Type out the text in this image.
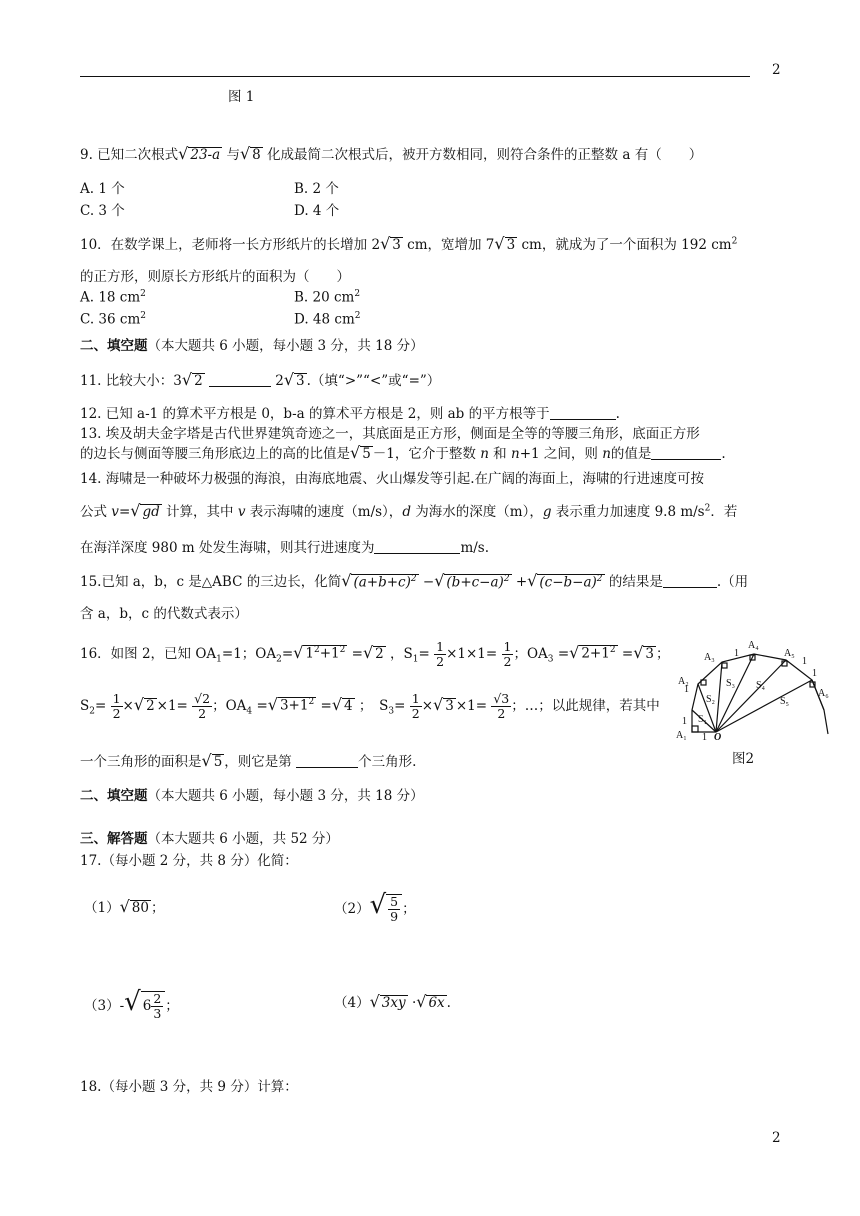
2
图 1
9. 已知二次根式√ 23-a 与√ 8 化成最简二次根式后，被开方数相同，则符合条件的正整数 a 有（　　）
A. 1 个	B. 2 个
C. 3 个	D. 4 个
10．在数学课上，老师将一长方形纸片的长增加 2√ 3 cm，宽增加 7√ 3 cm，就成为了一个面积为 192 $cm^2$
的正方形，则原长方形纸片的面积为（　　）
A. 18 $cm^2$	B. 20 $cm^2$
C. 36 $cm^2$	D. 48 $cm^2$
二、填空题（本大题共 6 小题，每小题 3 分，共 18 分）
11. 比较大小：3√ 2	2√ 3 .（填“>”“<”或“=”）
12. 已知 a-1 的算术平方根是 0，b-a 的算术平方根是 2，则 ab 的平方根等于	.
13. 埃及胡夫金字塔是古代世界建筑奇迹之一，其底面是正方形，侧面是全等的等腰三角形，底面正方形
的边长与侧面等腰三角形底边上的高的比值是√ 5 －1，它介于整数 n 和 n+1 之间，则 n的值是	.
14. 海啸是一种破坏力极强的海浪，由海底地震、火山爆发等引起.在广阔的海面上，海啸的行进速度可按
公式 v=√ gd 计算，其中 v 表示海啸的速度（m/s），d 为海水的深度（m），g 表示重力加速度 9.8 $m/s^2$．若
在海洋深度 980 m 处发生海啸，则其行进速度为	m/s.
15.已知 a，b，c 是△ABC 的三边长，化简√ $(a+b+c)^2$ −√ $(b+c-a)^2$ +√ $(c-b-a)^2$ 的结果是	.（用
含 a，b，c 的代数式表示）
16．如图 2，已知 $OA_1=1$；$OA_2=√$ $1^2+1^2$ =√ 2 ，$S_1= \frac{1}{2} \times 1\times 1= \frac{1}{2}$ ；$OA_3$ =√ $2+1^2$ =√ 3 ；
$S_2= \frac{1}{2}$ ×√ $2 \times 1= \frac{√2}{2}$ ；$OA_4$ =√ $3+1^2$ =√ 4 ；　$S_3= \frac{1}{2}$ ×√ $3 \times 1= \frac{√3}{2}$ ；…；以此规律，若其中
一个三角形的面积是√ 5 ，则它是第	个三角形.
A₃
1
A₄
1	A₅
1
A₂
1
S₃ S₄
S₂	S₅
A₆
1
S₁
A₁ 1 O
图2
二、填空题（本大题共 6 小题，每小题 3 分，共 18 分）
三、解答题（本大题共 6 小题，共 52 分）
17.（每小题 2 分，共 8 分）化简：
（1）√ 80 ；	$(2)√ \frac{5}{9}$ ；
（3）-√ $6 \frac{2}{3}$ ；	（4）√ 3xy ·√ 6x .
18.（每小题 3 分，共 9 分）计算：
2
